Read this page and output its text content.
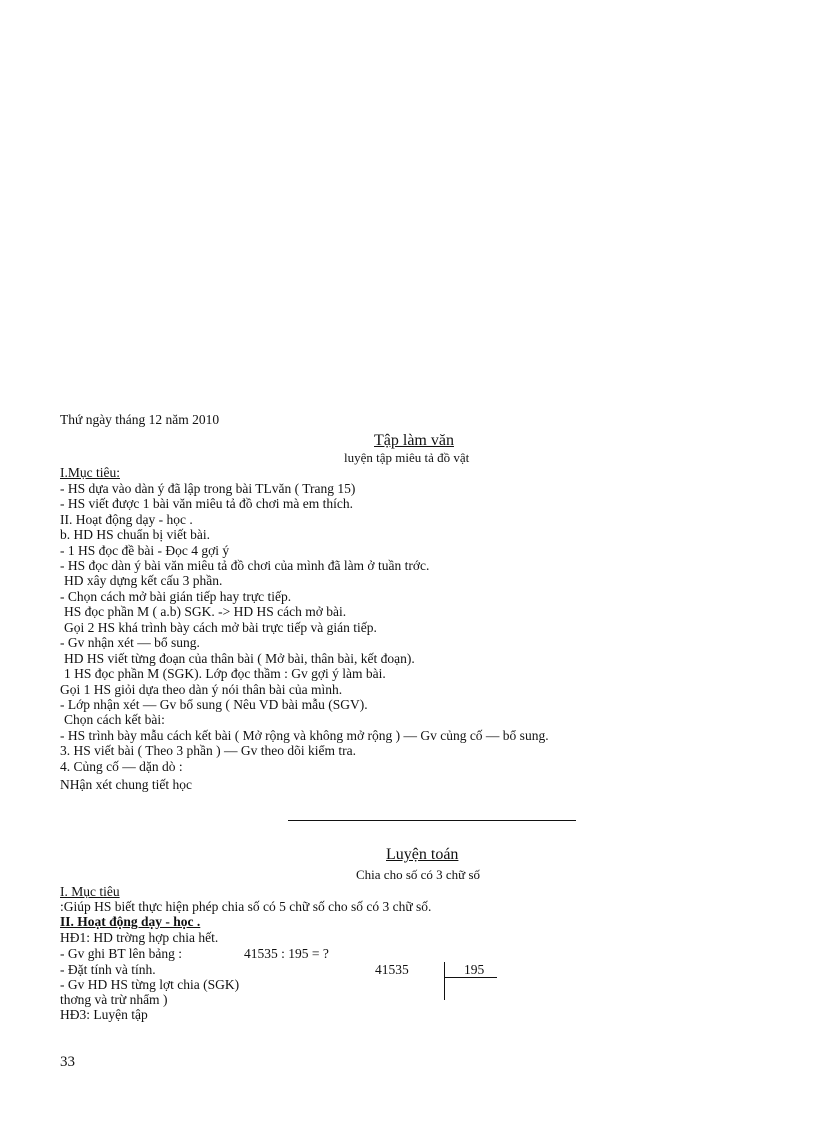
Thứ ngày tháng 12 năm 2010
Tập làm văn
luyện tập miêu tả đồ vật
I.Mục tiêu:
- HS dựa vào dàn ý đã lập trong bài TLvăn ( Trang 15)
- HS viết được 1 bài văn miêu tả đồ chơi mà em thích.
II. Hoạt động dạy - học .
b. HD HS chuẩn bị viết bài.
- 1 HS đọc đề bài - Đọc 4 gợi ý
- HS đọc dàn ý bài văn miêu tả đồ chơi của mình đã làm ở tuần trớc.
HD xây dựng kết cấu 3 phần.
- Chọn cách mở bài gián tiếp hay trực tiếp.
HS đọc phần M ( a.b) SGK. -> HD HS cách mở bài.
Gọi 2 HS khá trình bày cách mở bài trực tiếp và gián tiếp.
- Gv nhận xét — bổ sung.
HD HS viết từng đoạn của thân bài ( Mở bài, thân bài, kết đoạn).
1 HS đọc phần M (SGK). Lớp đọc thầm : Gv gợi ý làm bài.
Gọi 1 HS giỏi dựa theo dàn ý nói thân bài của mình.
- Lớp nhận xét — Gv bổ sung ( Nêu VD bài mẫu (SGV).
Chọn cách kết bài:
- HS trình bày mẫu cách kết bài ( Mở rộng và không mở rộng ) — Gv củng cố — bổ sung.
3. HS viết bài ( Theo 3 phần ) — Gv theo dõi kiểm tra.
4. Củng cố — dặn dò :
NHận xét chung tiết học
Luyện toán
Chia cho số có 3 chữ số
I. Mục tiêu
:Giúp HS biết thực hiện phép chia số có 5 chữ số cho số có 3 chữ số.
II. Hoạt động dạy - học .
HĐ1: HD trờng hợp chia hết.
- Gv ghi BT lên bảng :	41535 : 195 = ?
- Đặt tính và tính.
- Gv HD HS từng lợt chia (SGK)
thơng và trừ nhẩm )
HĐ3: Luyện tập
41535	195
33
